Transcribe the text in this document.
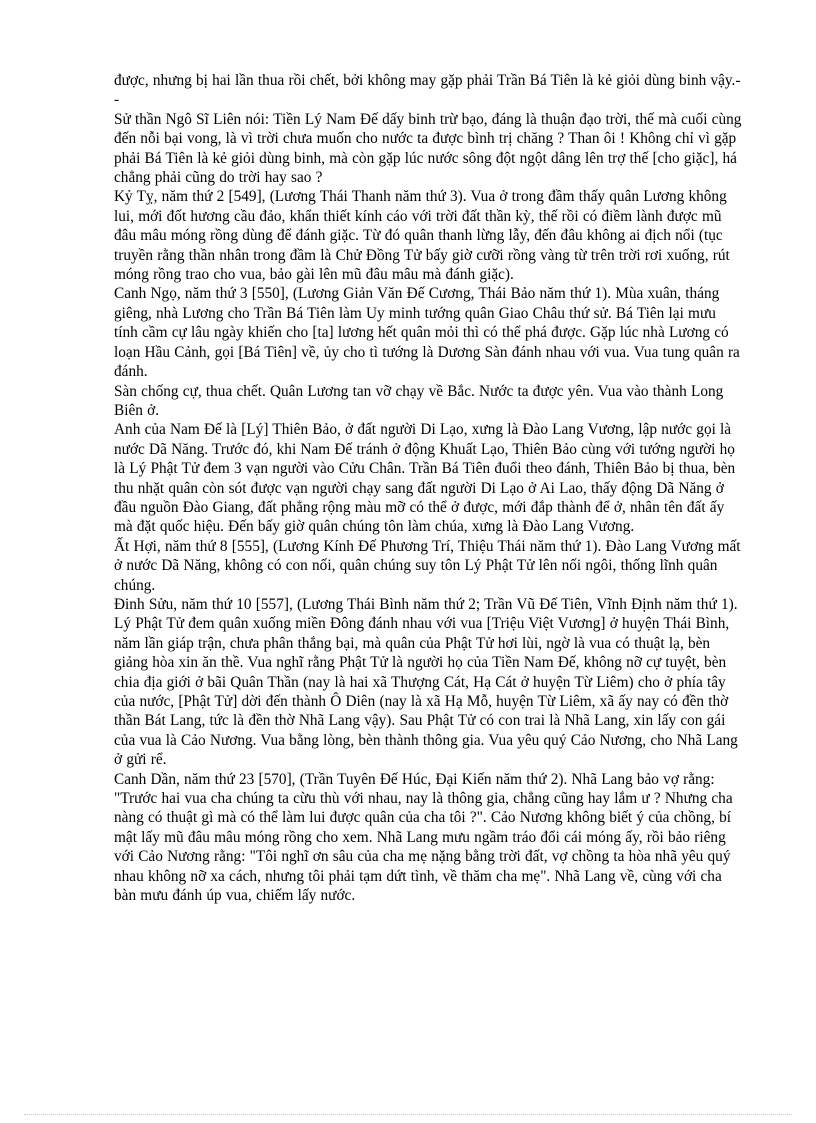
được, nhưng bị hai lần thua rồi chết, bởi không may gặp phải Trần Bá Tiên là kẻ giỏi dùng binh vậy.--

Sử thần Ngô Sĩ Liên nói: Tiền Lý Nam Đế dấy binh trừ bạo, đáng là thuận đạo trời, thế mà cuối cùng đến nỗi bại vong, là vì trời chưa muốn cho nước ta được bình trị chăng ? Than ôi ! Không chỉ vì gặp phải Bá Tiên là kẻ giỏi dùng binh, mà còn gặp lúc nước sông đột ngột dâng lên trợ thế [cho giặc], há chẳng phải cũng do trời hay sao ?

Kỷ Tỵ, năm thứ 2 [549], (Lương Thái Thanh năm thứ 3). Vua ở trong đầm thấy quân Lương không lui, mới đốt hương cầu đảo, khẩn thiết kính cáo với trời đất thần kỳ, thế rồi có điềm lành được mũ đâu mâu móng rồng dùng để đánh giặc. Từ đó quân thanh lừng lẫy, đến đâu không ai địch nổi (tục truyền rằng thần nhân trong đầm là Chử Đồng Tử bấy giờ cưỡi rồng vàng từ trên trời rơi xuống, rút móng rồng trao cho vua, bảo gài lên mũ đâu mâu mà đánh giặc).

Canh Ngọ, năm thứ 3 [550], (Lương Giản Văn Đế Cương, Thái Bảo năm thứ 1). Mùa xuân, tháng giêng, nhà Lương cho Trần Bá Tiên làm Uy minh tướng quân Giao Châu thứ sử. Bá Tiên lại mưu tính cầm cự lâu ngày khiến cho [ta] lương hết quân mỏi thì có thể phá được. Gặp lúc nhà Lương có loạn Hầu Cảnh, gọi [Bá Tiên] về, ủy cho tì tướng là Dương Sàn đánh nhau với vua. Vua tung quân ra đánh.

Sàn chống cự, thua chết. Quân Lương tan vỡ chạy về Bắc. Nước ta được yên. Vua vào thành Long Biên ở.

Anh của Nam Đế là [Lý] Thiên Bảo, ở đất người Di Lạo, xưng là Đào Lang Vương, lập nước gọi là nước Dã Năng. Trước đó, khi Nam Đế tránh ở động Khuất Lạo, Thiên Bảo cùng với tướng người họ là Lý Phật Tử đem 3 vạn người vào Cửu Chân. Trần Bá Tiên đuổi theo đánh, Thiên Bảo bị thua, bèn thu nhặt quân còn sót được vạn người chạy sang đất người Di Lạo ở Ai Lao, thấy động Dã Năng ở đầu nguồn Đào Giang, đất phẳng rộng màu mỡ có thể ở được, mới đắp thành để ở, nhân tên đất ấy mà đặt quốc hiệu. Đến bấy giờ quân chúng tôn làm chúa, xưng là Đào Lang Vương.

Ất Hợi, năm thứ 8 [555], (Lương Kính Đế Phương Trí, Thiệu Thái năm thứ 1). Đào Lang Vương mất ở nước Dã Năng, không có con nối, quân chúng suy tôn Lý Phật Tử lên nối ngôi, thống lĩnh quân chúng.

Đinh Sửu, năm thứ 10 [557], (Lương Thái Bình năm thứ 2; Trần Vũ Đế Tiên, Vĩnh Định năm thứ 1). Lý Phật Tử đem quân xuống miền Đông đánh nhau với vua [Triệu Việt Vương] ở huyện Thái Bình, năm lần giáp trận, chưa phân thắng bại, mà quân của Phật Tử hơi lùi, ngờ là vua có thuật lạ, bèn giảng hòa xin ăn thề. Vua nghĩ rằng Phật Tử là người họ của Tiền Nam Đế, không nỡ cự tuyệt, bèn chia địa giới ở bãi Quân Thần (nay là hai xã Thượng Cát, Hạ Cát ở huyện Từ Liêm) cho ở phía tây của nước, [Phật Tử] dời đến thành Ô Diên (nay là xã Hạ Mỗ, huyện Từ Liêm, xã ấy nay có đền thờ thần Bát Lang, tức là đền thờ Nhã Lang vậy). Sau Phật Tử có con trai là Nhã Lang, xin lấy con gái của vua là Cảo Nương. Vua bằng lòng, bèn thành thông gia. Vua yêu quý Cảo Nương, cho Nhã Lang ở gửi rể.

Canh Dần, năm thứ 23 [570], (Trần Tuyên Đế Húc, Đại Kiến năm thứ 2). Nhã Lang bảo vợ rằng: "Trước hai vua cha chúng ta cừu thù với nhau, nay là thông gia, chẳng cũng hay lắm ư ? Nhưng cha nàng có thuật gì mà có thể làm lui được quân của cha tôi ?". Cảo Nương không biết ý của chồng, bí mật lấy mũ đâu mâu móng rồng cho xem. Nhã Lang mưu ngầm tráo đổi cái móng ấy, rồi bảo riêng với Cảo Nương rằng: "Tôi nghĩ ơn sâu của cha mẹ nặng bằng trời đất, vợ chồng ta hòa nhã yêu quý nhau không nỡ xa cách, nhưng tôi phải tạm dứt tình, về thăm cha mẹ". Nhã Lang về, cùng với cha bàn mưu đánh úp vua, chiếm lấy nước.
